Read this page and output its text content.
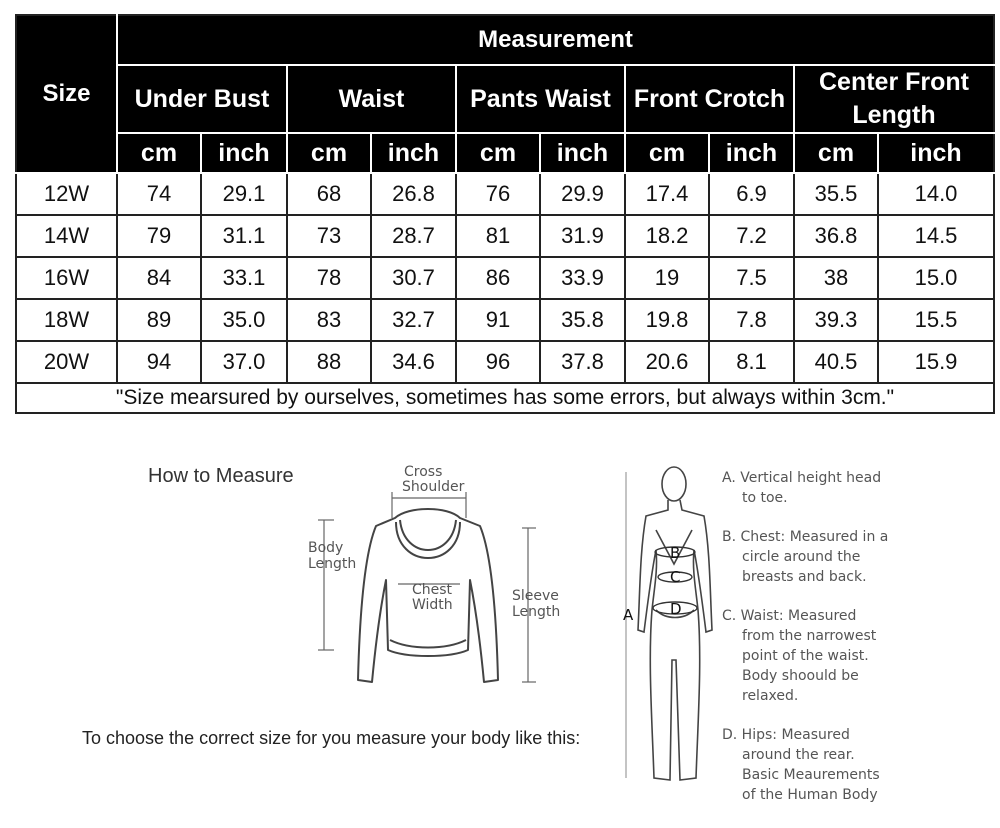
Size	Measurement									
	Under Bust		Waist		Pants Waist		Front Crotch		Center Front
Length	
	cm	inch	cm	inch	cm	inch	cm	inch	cm	inch
12W	74	29.1	68	26.8	76	29.9	17.4	6.9	35.5	14.0
14W	79	31.1	73	28.7	81	31.9	18.2	7.2	36.8	14.5
16W	84	33.1	78	30.7	86	33.9	19	7.5	38	15.0
18W	89	35.0	83	32.7	91	35.8	19.8	7.8	39.3	15.5
20W	94	37.0	88	34.6	96	37.8	20.6	8.1	40.5	15.9
"Size mearsured by ourselves, sometimes has some errors, but always within 3cm."										
How to Measure	Cross
Shoulder
Body
Length
Chest
Width
Sleeve
Length	A
B
C
D
A. Vertical height head
to toe.
B. Chest: Measured in a
circle around the
breasts and back.
C. Waist: Measured
from the narrowest
point of the waist.
Body shoould be
relaxed.
D. Hips: Measured
around the rear.
Basic Meaurements
of the Human Body
To choose the correct size for you measure your body like this:
